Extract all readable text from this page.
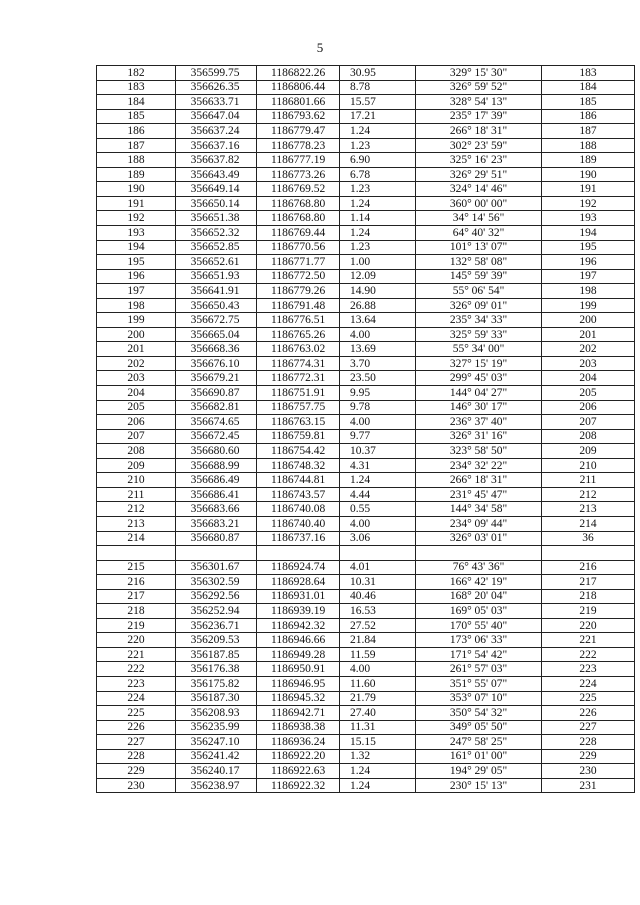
5
182	356599.75	1186822.26	30.95	329° 15' 30"	183
183	356626.35	1186806.44	8.78	326° 59' 52"	184
184	356633.71	1186801.66	15.57	328° 54' 13"	185
185	356647.04	1186793.62	17.21	235° 17' 39"	186
186	356637.24	1186779.47	1.24	266° 18' 31"	187
187	356637.16	1186778.23	1.23	302° 23' 59"	188
188	356637.82	1186777.19	6.90	325° 16' 23"	189
189	356643.49	1186773.26	6.78	326° 29' 51"	190
190	356649.14	1186769.52	1.23	324° 14' 46"	191
191	356650.14	1186768.80	1.24	360° 00' 00"	192
192	356651.38	1186768.80	1.14	34° 14' 56"	193
193	356652.32	1186769.44	1.24	64° 40' 32"	194
194	356652.85	1186770.56	1.23	101° 13' 07"	195
195	356652.61	1186771.77	1.00	132° 58' 08"	196
196	356651.93	1186772.50	12.09	145° 59' 39"	197
197	356641.91	1186779.26	14.90	55° 06' 54"	198
198	356650.43	1186791.48	26.88	326° 09' 01"	199
199	356672.75	1186776.51	13.64	235° 34' 33"	200
200	356665.04	1186765.26	4.00	325° 59' 33"	201
201	356668.36	1186763.02	13.69	55° 34' 00"	202
202	356676.10	1186774.31	3.70	327° 15' 19"	203
203	356679.21	1186772.31	23.50	299° 45' 03"	204
204	356690.87	1186751.91	9.95	144° 04' 27"	205
205	356682.81	1186757.75	9.78	146° 30' 17"	206
206	356674.65	1186763.15	4.00	236° 37' 40"	207
207	356672.45	1186759.81	9.77	326° 31' 16"	208
208	356680.60	1186754.42	10.37	323° 58' 50"	209
209	356688.99	1186748.32	4.31	234° 32' 22"	210
210	356686.49	1186744.81	1.24	266° 18' 31"	211
211	356686.41	1186743.57	4.44	231° 45' 47"	212
212	356683.66	1186740.08	0.55	144° 34' 58"	213
213	356683.21	1186740.40	4.00	234° 09' 44"	214
214	356680.87	1186737.16	3.06	326° 03' 01"	36

215	356301.67	1186924.74	4.01	76° 43' 36"	216
216	356302.59	1186928.64	10.31	166° 42' 19"	217
217	356292.56	1186931.01	40.46	168° 20' 04"	218
218	356252.94	1186939.19	16.53	169° 05' 03"	219
219	356236.71	1186942.32	27.52	170° 55' 40"	220
220	356209.53	1186946.66	21.84	173° 06' 33"	221
221	356187.85	1186949.28	11.59	171° 54' 42"	222
222	356176.38	1186950.91	4.00	261° 57' 03"	223
223	356175.82	1186946.95	11.60	351° 55' 07"	224
224	356187.30	1186945.32	21.79	353° 07' 10"	225
225	356208.93	1186942.71	27.40	350° 54' 32"	226
226	356235.99	1186938.38	11.31	349° 05' 50"	227
227	356247.10	1186936.24	15.15	247° 58' 25"	228
228	356241.42	1186922.20	1.32	161° 01' 00"	229
229	356240.17	1186922.63	1.24	194° 29' 05"	230
230	356238.97	1186922.32	1.24	230° 15' 13"	231
